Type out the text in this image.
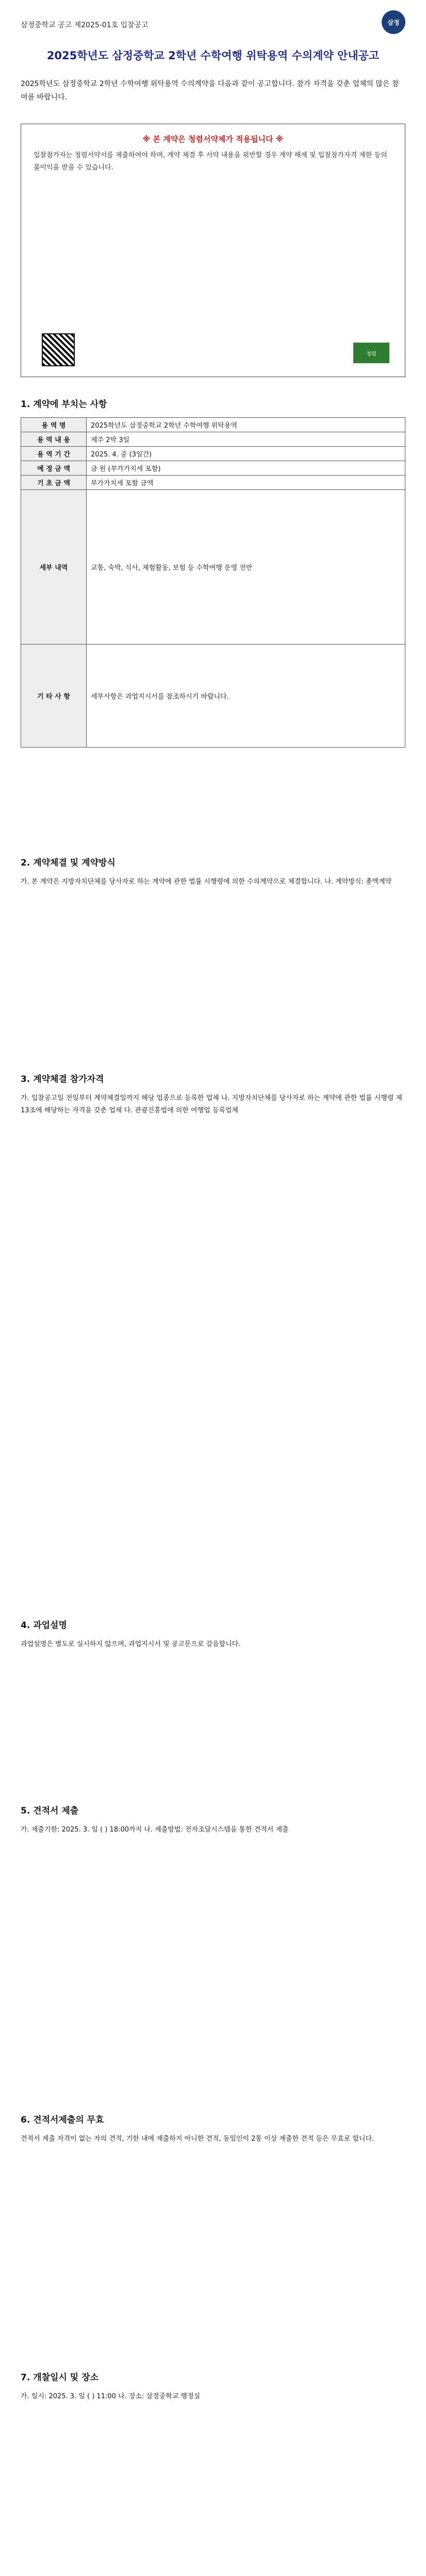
삼정중학교 공고 제2025-01호 입찰공고	삼정
2025학년도 삼정중학교 2학년 수학여행 위탁용역 수의계약 안내공고
2025학년도 삼정중학교 2학년 수학여행 위탁용역 수의계약을 다음과 같이 공고합니다. 참가 자격을 갖춘 업체의 많은 참여를 바랍니다.
※ 본 계약은 청렴서약제가 적용됩니다 ※
입찰참가자는 청렴서약서를 제출하여야 하며, 계약 체결 후 서약 내용을 위반할 경우 계약 해제 및 입찰참가자격 제한 등의 불이익을 받을 수 있습니다.
청렴
1. 계약에 부치는 사항
용 역 명	2025학년도 삼정중학교 2학년 수학여행 위탁용역
용 역 내 용	제주 2박 3일
용 역 기 간	2025. 4. 중 (3일간)
예 정 금 액	금 원 (부가가치세 포함)
기 초 금 액	부가가치세 포함 금액
세부 내역	교통, 숙박, 식사, 체험활동, 보험 등 수학여행 운영 전반
기 타 사 항	세부사항은 과업지시서를 참조하시기 바랍니다.
2. 계약체결 및 계약방식
가. 본 계약은 지방자치단체를 당사자로 하는 계약에 관한 법률 시행령에 의한 수의계약으로 체결합니다. 나. 계약방식: 총액계약
3. 계약체결 참가자격
가. 입찰공고일 전일부터 계약체결일까지 해당 업종으로 등록한 업체 나. 지방자치단체를 당사자로 하는 계약에 관한 법률 시행령 제13조에 해당하는 자격을 갖춘 업체 다. 관광진흥법에 의한 여행업 등록업체
4. 과업설명
과업설명은 별도로 실시하지 않으며, 과업지시서 및 공고문으로 갈음합니다.
5. 견적서 제출
가. 제출기한: 2025. 3. 일 ( ) 18:00까지 나. 제출방법: 전자조달시스템을 통한 견적서 제출
6. 견적서제출의 무효
견적서 제출 자격이 없는 자의 견적, 기한 내에 제출하지 아니한 견적, 동일인이 2통 이상 제출한 견적 등은 무효로 합니다.
7. 개찰일시 및 장소
가. 일시: 2025. 3. 일 ( ) 11:00 나. 장소: 삼정중학교 행정실
